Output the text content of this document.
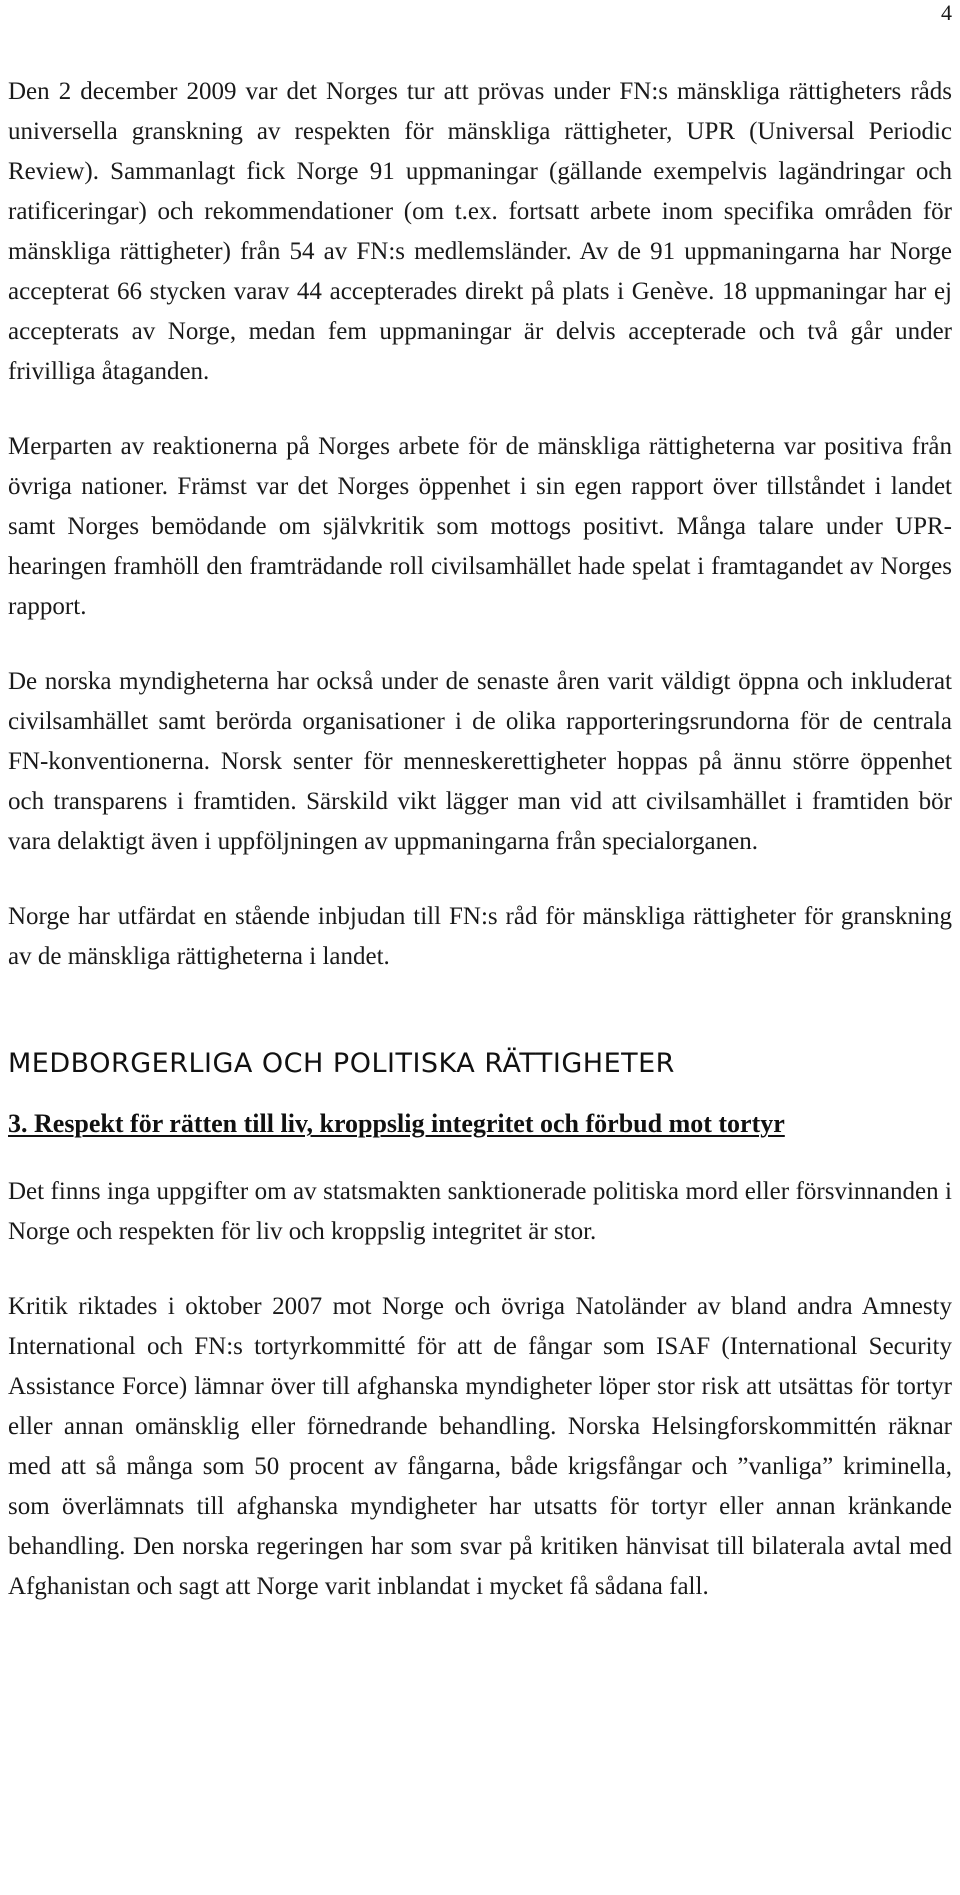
4

Den 2 december 2009 var det Norges tur att prövas under FN:s mänskliga rättigheters råds universella granskning av respekten för mänskliga rättigheter, UPR (Universal Periodic Review). Sammanlagt fick Norge 91 uppmaningar (gällande exempelvis lagändringar och ratificeringar) och rekommendationer (om t.ex. fortsatt arbete inom specifika områden för mänskliga rättigheter) från 54 av FN:s medlemsländer. Av de 91 uppmaningarna har Norge accepterat 66 stycken varav 44 accepterades direkt på plats i Genève. 18 uppmaningar har ej accepterats av Norge, medan fem uppmaningar är delvis accepterade och två går under frivilliga åtaganden.

Merparten av reaktionerna på Norges arbete för de mänskliga rättigheterna var positiva från övriga nationer. Främst var det Norges öppenhet i sin egen rapport över tillståndet i landet samt Norges bemödande om självkritik som mottogs positivt. Många talare under UPR-hearingen framhöll den framträdande roll civilsamhället hade spelat i framtagandet av Norges rapport.

De norska myndigheterna har också under de senaste åren varit väldigt öppna och inkluderat civilsamhället samt berörda organisationer i de olika rapporteringsrundorna för de centrala FN-konventionerna. Norsk senter för menneskerettigheter hoppas på ännu större öppenhet och transparens i framtiden. Särskild vikt lägger man vid att civilsamhället i framtiden bör vara delaktigt även i uppföljningen av uppmaningarna från specialorganen.

Norge har utfärdat en stående inbjudan till FN:s råd för mänskliga rättigheter för granskning av de mänskliga rättigheterna i landet.

MEDBORGERLIGA OCH POLITISKA RÄTTIGHETER
3. Respekt för rätten till liv, kroppslig integritet och förbud mot tortyr

Det finns inga uppgifter om av statsmakten sanktionerade politiska mord eller försvinnanden i Norge och respekten för liv och kroppslig integritet är stor.

Kritik riktades i oktober 2007 mot Norge och övriga Natoländer av bland andra Amnesty International och FN:s tortyrkommitté för att de fångar som ISAF (International Security Assistance Force) lämnar över till afghanska myndigheter löper stor risk att utsättas för tortyr eller annan omänsklig eller förnedrande behandling. Norska Helsingforskommittén räknar med att så många som 50 procent av fångarna, både krigsfångar och ”vanliga” kriminella, som överlämnats till afghanska myndigheter har utsatts för tortyr eller annan kränkande behandling. Den norska regeringen har som svar på kritiken hänvisat till bilaterala avtal med Afghanistan och sagt att Norge varit inblandat i mycket få sådana fall.
